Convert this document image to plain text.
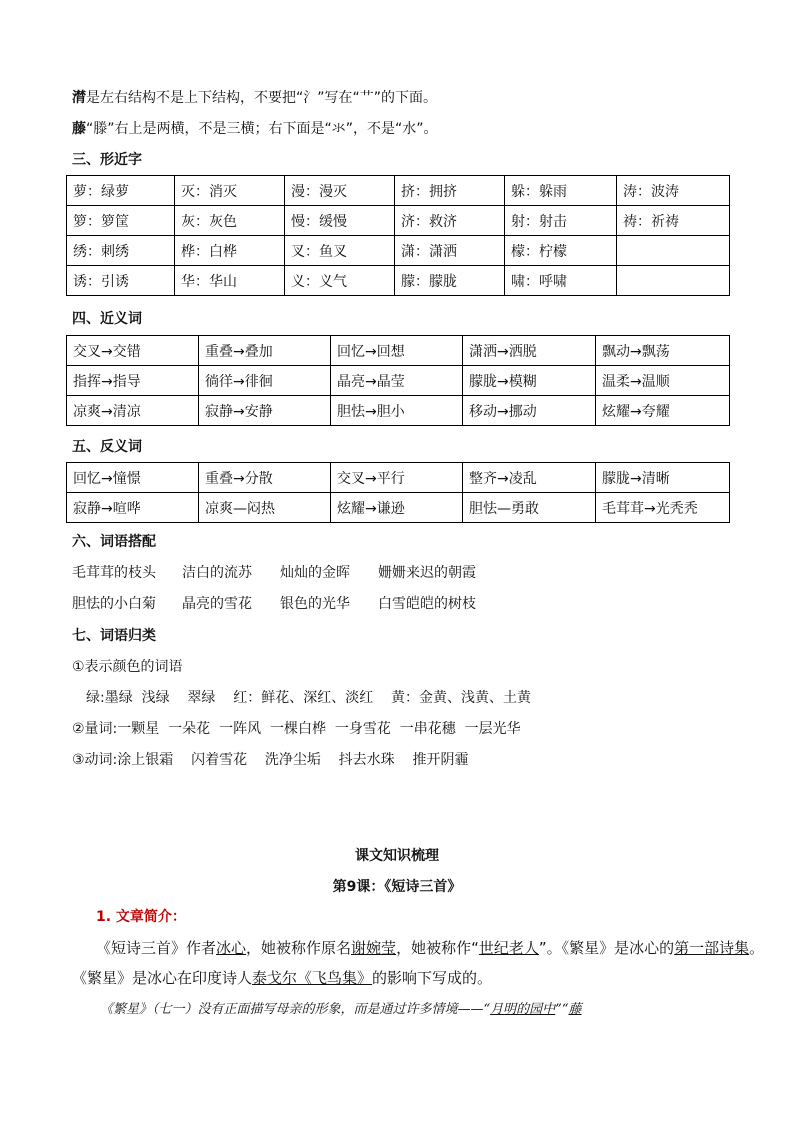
潸是左右结构不是上下结构，不要把“氵”写在“艹”的下面。
藤“滕”右上是两横，不是三横；右下面是“氺”，不是“水”。
三、形近字
萝：绿萝	灭：消灭	漫：漫灭	挤：拥挤	躲：躲雨	涛：波涛
箩：箩筐	灰：灰色	慢：缓慢	济：救济	射：射击	祷：祈祷
绣：刺绣	桦：白桦	叉：鱼叉	潇：潇洒	檬：柠檬	
诱：引诱	华：华山	义：义气	朦：朦胧	啸：呼啸	
四、近义词
交叉→交错	重叠→叠加	回忆→回想	潇洒→洒脱	飘动→飘荡
指挥→指导	徜徉→徘徊	晶亮→晶莹	朦胧→模糊	温柔→温顺
凉爽→清凉	寂静→安静	胆怯→胆小	移动→挪动	炫耀→夸耀
五、反义词
回忆→憧憬	重叠→分散	交叉→平行	整齐→凌乱	朦胧→清晰
寂静→喧哗	凉爽—闷热	炫耀→谦逊	胆怯—勇敢	毛茸茸→光秃秃
六、词语搭配
毛茸茸的枝头 洁白的流苏 灿灿的金晖 姗姗来迟的朝霞
胆怯的小白菊 晶亮的雪花 银色的光华 白雪皑皑的树枝
七、词语归类
①表示颜色的词语
绿:墨绿  浅绿    翠绿    红：鲜花、深红、淡红    黄：金黄、浅黄、土黄
②量词:一颗星  一朵花  一阵风  一棵白桦  一身雪花  一串花穗  一层光华
③动词:涂上银霜    闪着雪花    洗净尘垢    抖去水珠    推开阴霾
课文知识梳理
第9课：《短诗三首》
1. 文章简介：
《短诗三首》作者冰心，她被称作原名谢婉莹，她被称作“世纪老人”。《繁星》是冰心的第一部诗集。
《繁星》是冰心在印度诗人泰戈尔《飞鸟集》的影响下写成的。
《繁星》（七一）没有正面描写母亲的形象，而是通过许多情境——“月明的园中”“藤
